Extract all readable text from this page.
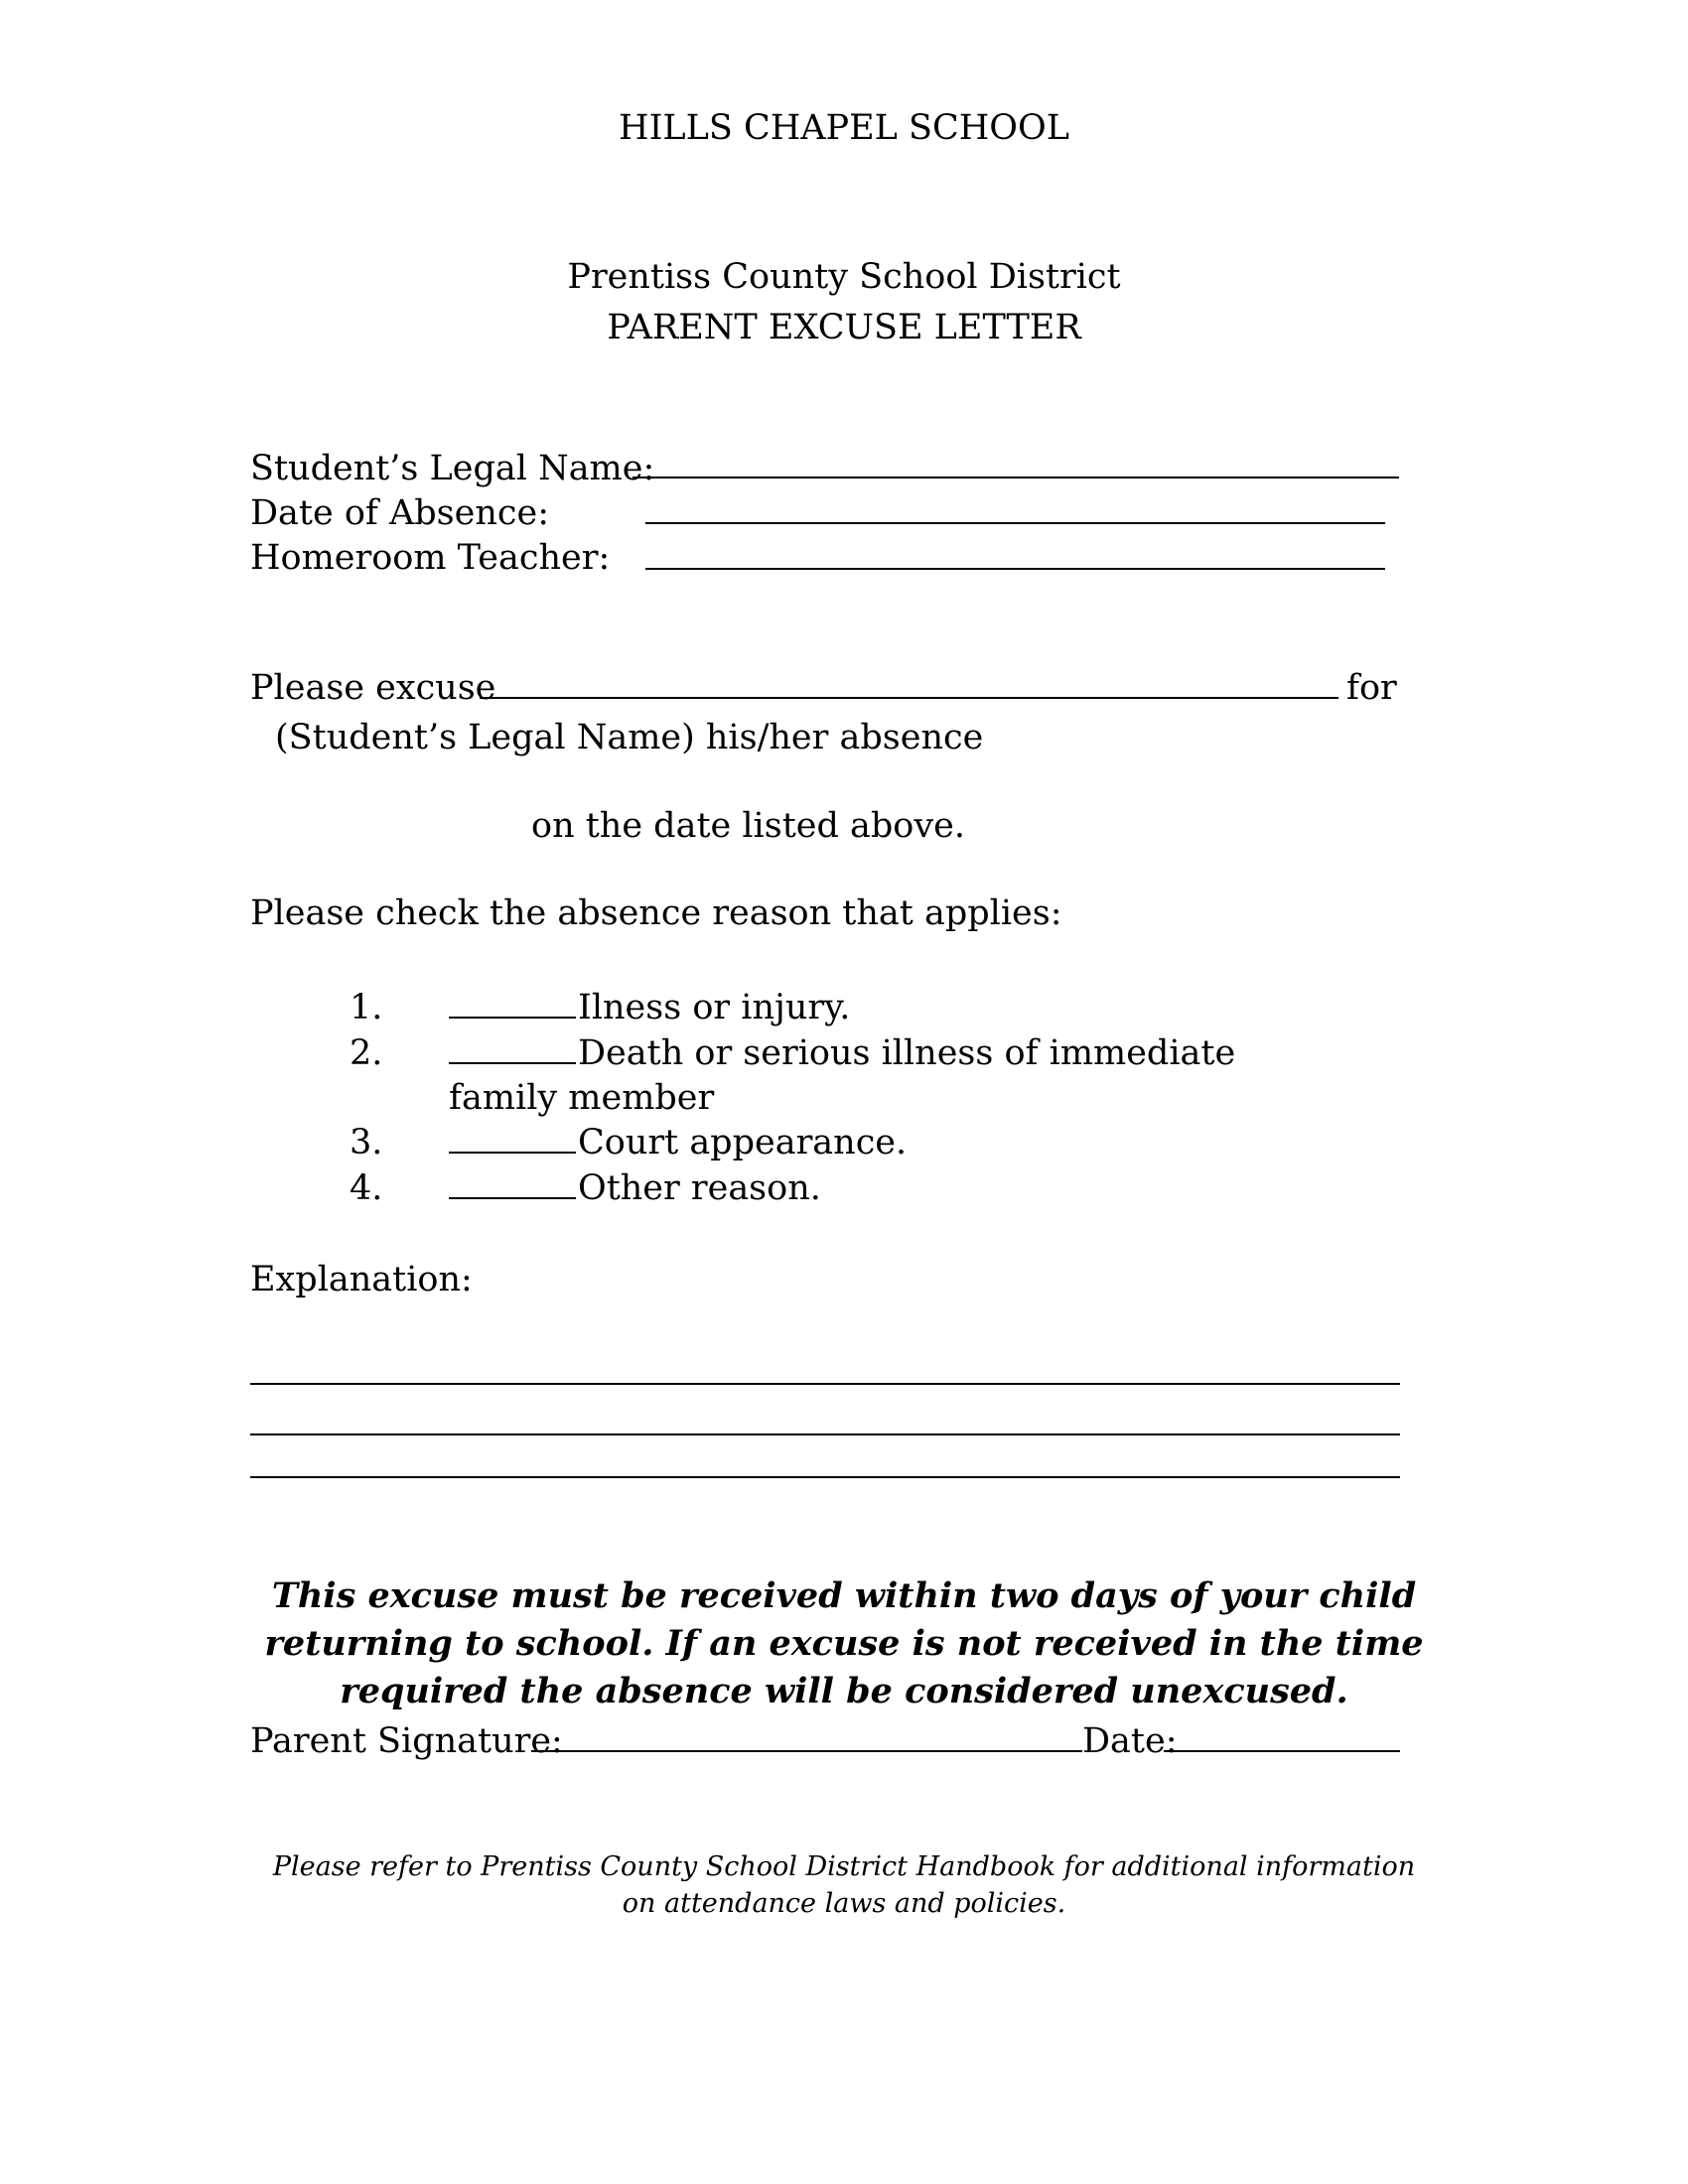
HILLS CHAPEL SCHOOL
Prentiss County School District
PARENT EXCUSE LETTER
Student’s Legal Name:
Date of Absence:
Homeroom Teacher:
Please excuse	for
(Student’s Legal Name) his/her absence
on the date listed above.
Please check the absence reason that applies:
1.	Ilness or injury.
2.	Death or serious illness of immediate
family member
3.	Court appearance.
4.	Other reason.
Explanation:
This excuse must be received within two days of your child returning to school. If an excuse is not received in the time required the absence will be considered unexcused.
Parent Signature:	Date:
Please refer to Prentiss County School District Handbook for additional information
on attendance laws and policies.
